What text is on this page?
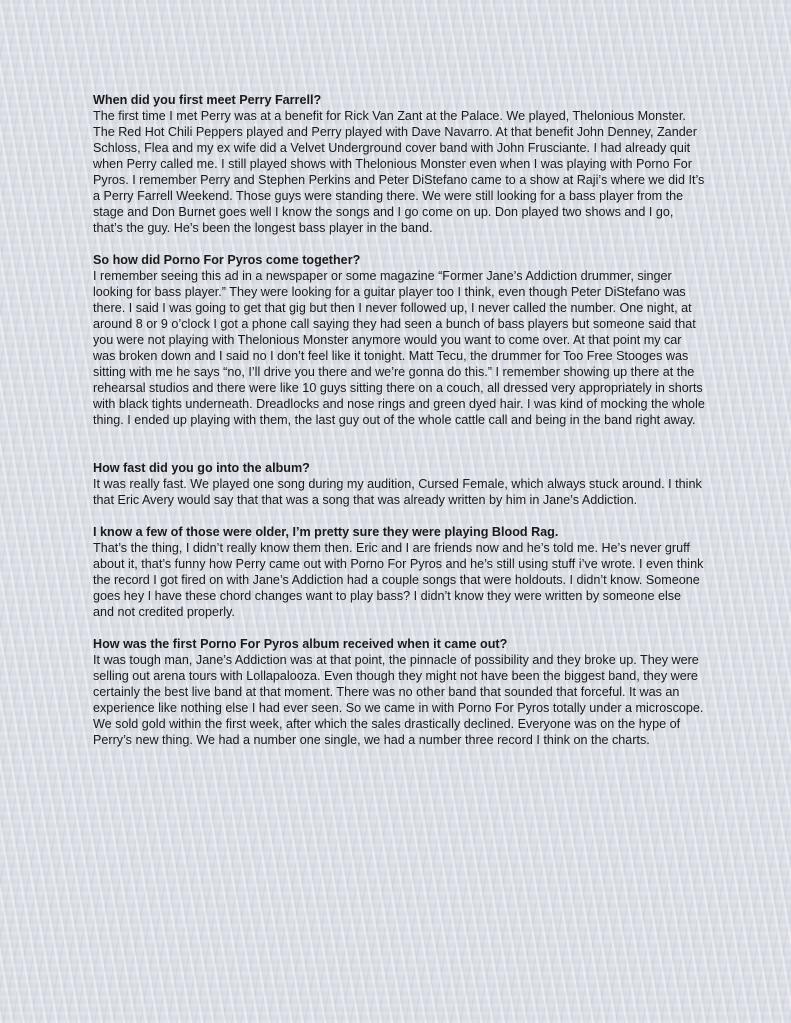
When did you first meet Perry Farrell?

The first time I met Perry was at a benefit for Rick Van Zant at the Palace. We played, Thelonious Monster. The Red Hot Chili Peppers played and Perry played with Dave Navarro. At that benefit John Denney, Zander Schloss, Flea and my ex wife did a Velvet Underground cover band with John Frusciante. I had already quit when Perry called me. I still played shows with Thelonious Monster even when I was playing with Porno For Pyros. I remember Perry and Stephen Perkins and Peter DiStefano came to a show at Raji’s where we did It’s a Perry Farrell Weekend. Those guys were standing there. We were still looking for a bass player from the stage and Don Burnet goes well I know the songs and I go come on up. Don played two shows and I go, that’s the guy. He’s been the longest bass player in the band.

So how did Porno For Pyros come together?

I remember seeing this ad in a newspaper or some magazine “Former Jane’s Addiction drummer, singer looking for bass player.” They were looking for a guitar player too I think, even though Peter DiStefano was there. I said I was going to get that gig but then I never followed up, I never called the number. One night, at around 8 or 9 o’clock I got a phone call saying they had seen a bunch of bass players but someone said that you were not playing with Thelonious Monster anymore would you want to come over. At that point my car was broken down and I said no I don’t feel like it tonight. Matt Tecu, the drummer for Too Free Stooges was sitting with me he says “no, I’ll drive you there and we’re gonna do this.” I remember showing up there at the rehearsal studios and there were like 10 guys sitting there on a couch, all dressed very appropriately in shorts with black tights underneath. Dreadlocks and nose rings and green dyed hair. I was kind of mocking the whole thing. I ended up playing with them, the last guy out of the whole cattle call and being in the band right away.

How fast did you go into the album?

It was really fast. We played one song during my audition, Cursed Female, which always stuck around. I think that Eric Avery would say that that was a song that was already written by him in Jane’s Addiction.

I know a few of those were older, I’m pretty sure they were playing Blood Rag.

That’s the thing, I didn’t really know them then. Eric and I are friends now and he’s told me. He’s never gruff about it, that’s funny how Perry came out with Porno For Pyros and he’s still using stuff i’ve wrote. I even think the record I got fired on with Jane’s Addiction had a couple songs that were holdouts. I didn’t know. Someone goes hey I have these chord changes want to play bass? I didn’t know they were written by someone else and not credited properly.

How was the first Porno For Pyros album received when it came out?

It was tough man, Jane’s Addiction was at that point, the pinnacle of possibility and they broke up. They were selling out arena tours with Lollapalooza. Even though they might not have been the biggest band, they were certainly the best live band at that moment. There was no other band that sounded that forceful. It was an experience like nothing else I had ever seen. So we came in with Porno For Pyros totally under a microscope. We sold gold within the first week, after which the sales drastically declined. Everyone was on the hype of Perry’s new thing. We had a number one single, we had a number three record I think on the charts.
